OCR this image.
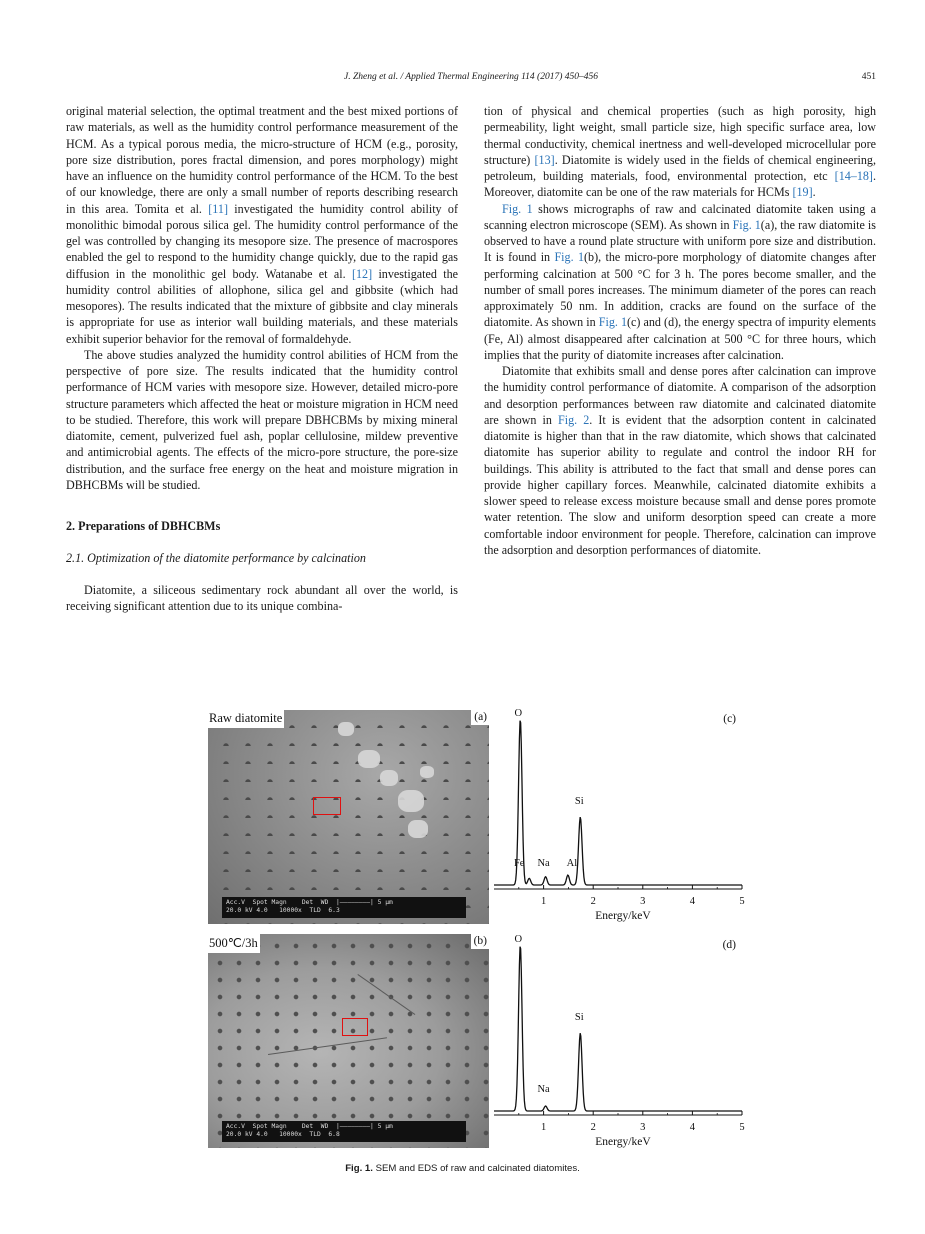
J. Zheng et al. / Applied Thermal Engineering 114 (2017) 450–456	451

original material selection, the optimal treatment and the best mixed portions of raw materials, as well as the humidity control performance measurement of the HCM. As a typical porous media, the micro-structure of HCM (e.g., porosity, pore size distribution, pores fractal dimension, and pores morphology) might have an influence on the humidity control performance of the HCM. To the best of our knowledge, there are only a small number of reports describing research in this area. Tomita et al. [11] investigated the humidity control ability of monolithic bimodal porous silica gel. The humidity control performance of the gel was controlled by changing its mesopore size. The presence of macrospores enabled the gel to respond to the humidity change quickly, due to the rapid gas diffusion in the monolithic gel body. Watanabe et al. [12] investigated the humidity control abilities of allophone, silica gel and gibbsite (which had mesopores). The results indicated that the mixture of gibbsite and clay minerals is appropriate for use as interior wall building materials, and these materials exhibit superior behavior for the removal of formaldehyde.

The above studies analyzed the humidity control abilities of HCM from the perspective of pore size. The results indicated that the humidity control performance of HCM varies with mesopore size. However, detailed micro-pore structure parameters which affected the heat or moisture migration in HCM need to be studied. Therefore, this work will prepare DBHCBMs by mixing mineral diatomite, cement, pulverized fuel ash, poplar cellulosine, mildew preventive and antimicrobial agents. The effects of the micro-pore structure, the pore-size distribution, and the surface free energy on the heat and moisture migration in DBHCBMs will be studied.

2. Preparations of DBHCBMs
2.1. Optimization of the diatomite performance by calcination

Diatomite, a siliceous sedimentary rock abundant all over the world, is receiving significant attention due to its unique combina-

tion of physical and chemical properties (such as high porosity, high permeability, light weight, small particle size, high specific surface area, low thermal conductivity, chemical inertness and well-developed microcellular pore structure) [13]. Diatomite is widely used in the fields of chemical engineering, petroleum, building materials, food, environmental protection, etc [14–18]. Moreover, diatomite can be one of the raw materials for HCMs [19].

Fig. 1 shows micrographs of raw and calcinated diatomite taken using a scanning electron microscope (SEM). As shown in Fig. 1(a), the raw diatomite is observed to have a round plate structure with uniform pore size and distribution. It is found in Fig. 1(b), the micro-pore morphology of diatomite changes after performing calcination at 500 °C for 3 h. The pores become smaller, and the number of small pores increases. The minimum diameter of the pores can reach approximately 50 nm. In addition, cracks are found on the surface of the diatomite. As shown in Fig. 1(c) and (d), the energy spectra of impurity elements (Fe, Al) almost disappeared after calcination at 500 °C for three hours, which implies that the purity of diatomite increases after calcination.

Diatomite that exhibits small and dense pores after calcination can improve the humidity control performance of diatomite. A comparison of the adsorption and desorption performances between raw diatomite and calcinated diatomite are shown in Fig. 2. It is evident that the adsorption content in calcinated diatomite is higher than that in the raw diatomite, which shows that calcinated diatomite has superior ability to regulate and control the indoor RH for buildings. This ability is attributed to the fact that small and dense pores can provide higher capillary forces. Meanwhile, calcinated diatomite exhibits a slower speed to release excess moisture because small and dense pores promote water retention. The slow and uniform desorption speed can create a more comfortable indoor environment for people. Therefore, calcination can improve the adsorption and desorption performances of diatomite.

Raw diatomite	(a)
Acc.V  Spot Magn    Det  WD  |————————| 5 μm
20.0 kV 4.0   10000x  TLD  6.3
500℃/3h	(b)
Acc.V  Spot Magn    Det  WD  |————————| 5 μm
20.0 kV 4.0   10000x  TLD  6.8
1	2	3	4	5
Energy/keV
(c)
O
Fe Na Al
Si
1	2	3	4	5
Energy/keV
(d)
O
Na
Si
Fig. 1. SEM and EDS of raw and calcinated diatomites.
